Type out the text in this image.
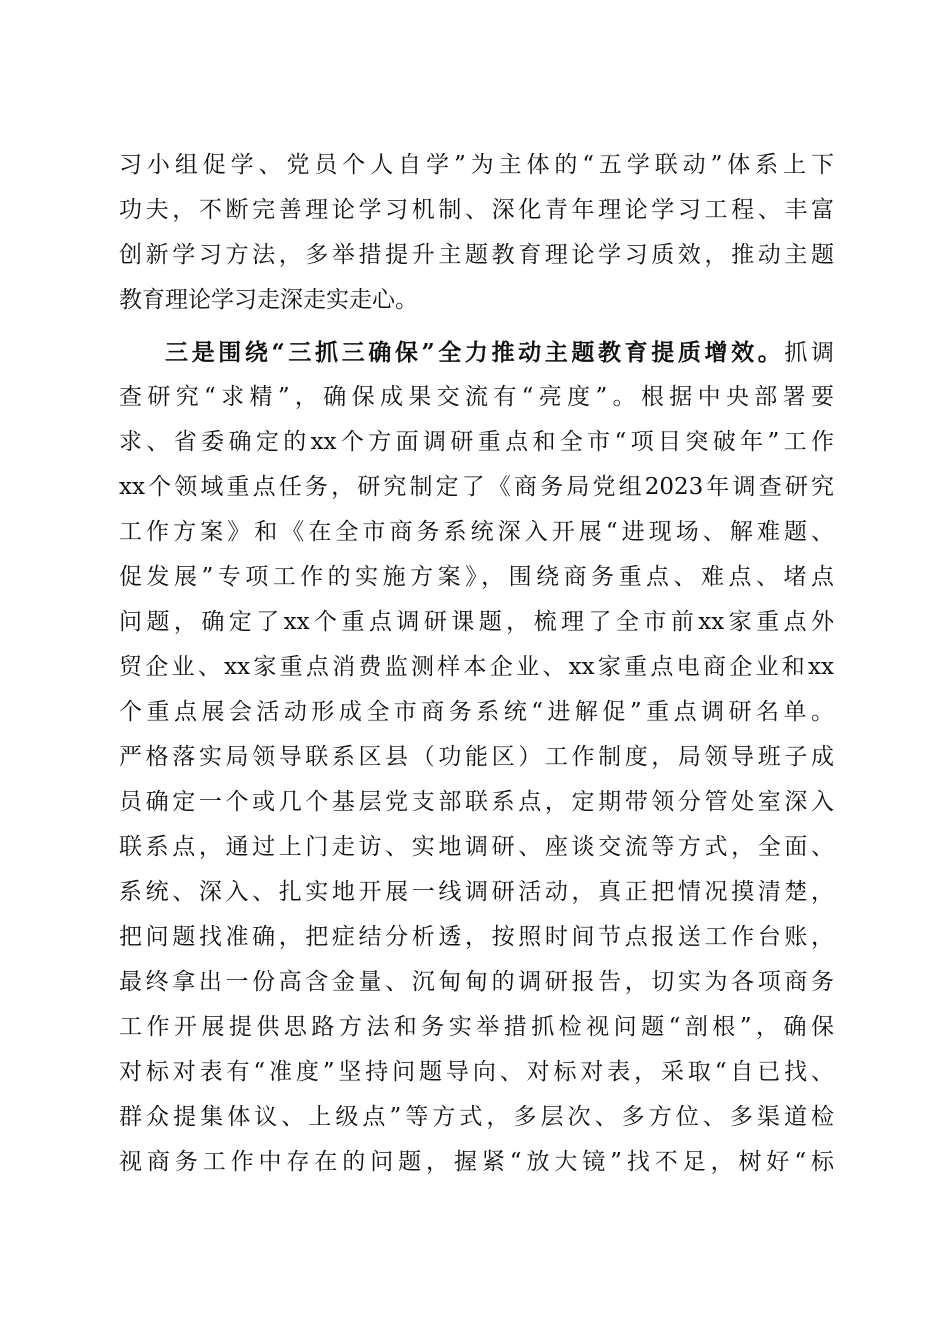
习小组促学、党员个人自学”为主体的“五学联动”体系上下
功夫，不断完善理论学习机制、深化青年理论学习工程、丰富
创新学习方法，多举措提升主题教育理论学习质效，推动主题
教育理论学习走深走实走心。
三是围绕“三抓三确保”全力推动主题教育提质增效。抓调
查研究“求精”，确保成果交流有“亮度”。根据中央部署要
求、省委确定的xx个方面调研重点和全市“项目突破年”工作
xx个领域重点任务，研究制定了《商务局党组2023年调查研究
工作方案》和《在全市商务系统深入开展“进现场、解难题、
促发展”专项工作的实施方案》，围绕商务重点、难点、堵点
问题，确定了xx个重点调研课题，梳理了全市前xx家重点外
贸企业、xx家重点消费监测样本企业、xx家重点电商企业和xx
个重点展会活动形成全市商务系统“进解促”重点调研名单。
严格落实局领导联系区县（功能区）工作制度，局领导班子成
员确定一个或几个基层党支部联系点，定期带领分管处室深入
联系点，通过上门走访、实地调研、座谈交流等方式，全面、
系统、深入、扎实地开展一线调研活动，真正把情况摸清楚，
把问题找准确，把症结分析透，按照时间节点报送工作台账，
最终拿出一份高含金量、沉甸甸的调研报告，切实为各项商务
工作开展提供思路方法和务实举措抓检视问题“剖根”，确保
对标对表有“准度”坚持问题导向、对标对表，采取“自已找、
群众提集体议、上级点”等方式，多层次、多方位、多渠道检
视商务工作中存在的问题，握紧“放大镜”找不足，树好“标
